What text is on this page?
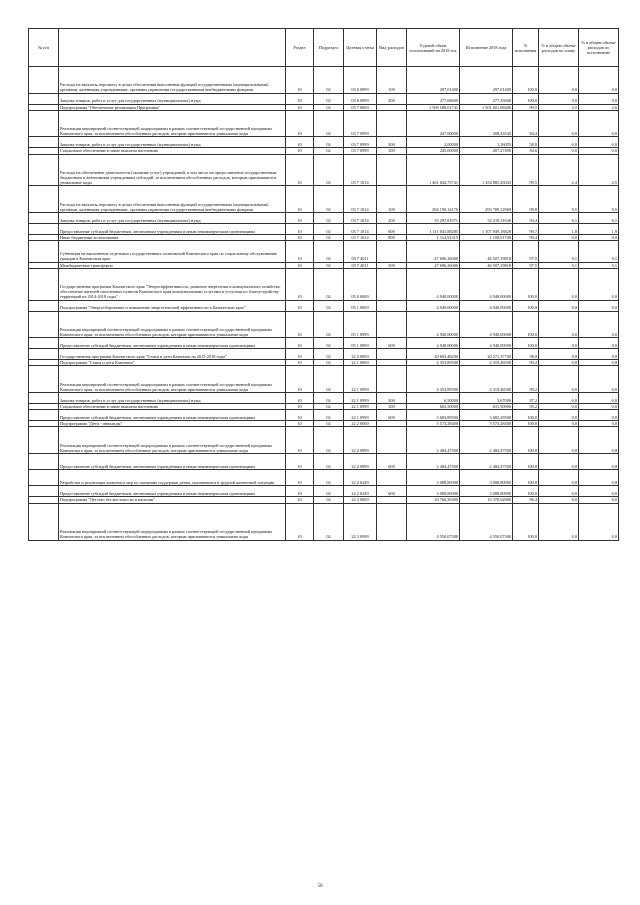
№ п/п		Раздел	Подраздел	Целевая статья	Вид расходов	Годовой объем ассигнований на 2018 год	Исполнение 2018 года	% исполнения	% в общем объеме расходов по плану	% в общем объеме расходов по исполнению
	Расходы на выплаты персоналу в целях обеспечения выполнения функций государственными (муниципальными) органами, казенными учреждениями, органами управления государственными внебюджетными фондами	10	02	03 6 0999	100	297,01400	297,01400	100,0	0,0	0,0
	Закупка товаров, работ и услуг для государственных (муниципальных) нужд	10	02	03 6 0999	200	277,68600	277,55600	100,0	0,0	0,0
	Подпрограмма "Обеспечение реализации Программы"	10	02	03 7 0000		1 509 588,01741	1 501 601,08406	99,5	2,5	2,6
	Реализация мероприятий соответствующей подпрограммы в рамках соответствующей государственной программы Камчатского края, за исключением обособленных расходов, которым присваиваются уникальные коды	10	02	03 7 0999		247,00000	208,43545	84,4	0,0	0,0
	Закупка товаров, работ и услуг для государственных (муниципальных) нужд	10	02	03 7 0999	200	2,00000	1,16055	58,0	0,0	0,0
	Социальное обеспечение и иные выплаты населению	10	02	03 7 0999	300	245,00000	207,27490	84,6	0,0	0,0
	Расходы на обеспечение деятельности (оказание услуг) учреждений, в том числе на предоставление государственным бюджетным и автономным учреждениям субсидий, за исключением обособленных расходов, которым присваиваются уникальные коды	10	02	03 7 1014		1 461 644,75741	1 454 885,45043	99,5	2,4	2,5
	Расходы на выплаты персоналу в целях обеспечения выполнения функций государственными (муниципальными) органами, казенными учреждениями, органами управления государственными внебюджетными фондами	10	02	03 7 1014	100	294 190,14170	293 709,12869	99,8	0,5	0,5
	Закупка товаров, работ и услуг для государственных (муниципальных) нужд	10	02	03 7 1014	200	55 297,81971	52 219,11638	94,4	0,1	0,1
	Предоставление субсидий бюджетным, автономным учреждениям и иным некоммерческим организациям	10	02	03 7 1014	600	1 111 041,88285	1 107 849,18828	99,7	1,8	1,9
	Иные бюджетные ассигнования	10	02	03 7 1014	800	1 114,91315	1 108,01708	99,4	0,0	0,0
	Субвенции на выполнение отдельных государственных полномочий Камчатского края по социальному обслуживанию граждан в Камчатском крае	10	02	03 7 4011		47 696,26000	46 507,19818	97,5	0,1	0,1
	Межбюджетные трансферты	10	02	03 7 4011	500	47 696,26000	46 507,19818	97,5	0,1	0,1
	Государственная программа Камчатского края "Энергоэффективность, развитие энергетики и коммунального хозяйства, обеспечение жителей населенных пунктов Камчатского края коммунальными услугами и услугами по благоустройству территорий на 2014-2018 годы"	10	02	05 0 0000		4 940,00000	4 940,00000	100,0	0,0	0,0
	Подпрограмма "Энергосбережение и повышение энергетической эффективности в Камчатском крае"	10	02	05 1 0000		4 940,00000	4 940,00000	100,0	0,0	0,0
	Реализация мероприятий соответствующей подпрограммы в рамках соответствующей государственной программы Камчатского края, за исключением обособленных расходов, которым присваиваются уникальные коды	10	02	05 1 0999		4 940,00000	4 940,00000	100,0	0,0	0,0
	Предоставление субсидий бюджетным, автономным учреждениям и иным некоммерческим организациям	10	02	05 1 0999	600	4 940,00000	4 940,00000	100,0	0,0	0,0
	Государственная программа Камчатского края "Семья и дети Камчатки на 2015-2018 годы"	10	02	22 0 0000		20 693,48200	20 271,37700	98,0	0,0	0,0
	Подпрограмма "Семья и дети Камчатки"	10	02	22 1 0000		4 353,89500	4 319,46500	99,2	0,0	0,0
	Реализация мероприятий соответствующей подпрограммы в рамках соответствующей государственной программы Камчатского края, за исключением обособленных расходов, которым присваиваются уникальные коды	10	02	22 1 0999		4 353,89500	4 319,46500	99,2	0,0	0,0
	Закупка товаров, работ и услуг для государственных (муниципальных) нужд	10	02	22 1 0999	200	6,50000	5,67000	87,2	0,0	0,0
	Социальное обеспечение и иные выплаты населению	10	02	22 1 0999	300	663,50000	631,50000	95,2	0,0	0,0
	Предоставление субсидий бюджетным, автономным учреждениям и иным некоммерческим организациям	10	02	22 1 0999	600	3 683,89500	3 682,29500	100,0	0,0	0,0
	Подпрограмма "Дети - инвалиды"	10	02	22 2 0000		5 573,28400	5 573,28400	100,0	0,0	0,0
	Реализация мероприятий соответствующей подпрограммы в рамках соответствующей государственной программы Камчатского края, за исключением обособленных расходов, которым присваиваются уникальные коды	10	02	22 2 0999		2 484,47500	2 484,47500	100,0	0,0	0,0
	Предоставление субсидий бюджетным, автономным учреждениям и иным некоммерческим организациям	10	02	22 2 0999	600	2 484,47500	2 484,47500	100,0	0,0	0,0
	Разработка и реализация комплекса мер по оказанию поддержки детям, оказавшимся в трудной жизненной ситуации	10	02	22 2 6249		3 088,80900	3 088,80900	100,0	0,0	0,0
	Предоставление субсидий бюджетным, автономным учреждениям и иным некоммерческим организациям	10	02	22 2 6249	600	3 088,80900	3 088,80900	100,0	0,0	0,0
	Подпрограмма "Детство без жестокости и насилия"	10	02	22 3 0000		10 766,30300	10 378,62800	96,4	0,0	0,0
	Реализация мероприятий соответствующей подпрограммы в рамках соответствующей государственной программы Камчатского края, за исключением обособленных расходов, которым присваиваются уникальные коды	10	02	22 3 0999		4 550,07300	4 550,07300	100,0	0,0	0,0
50
